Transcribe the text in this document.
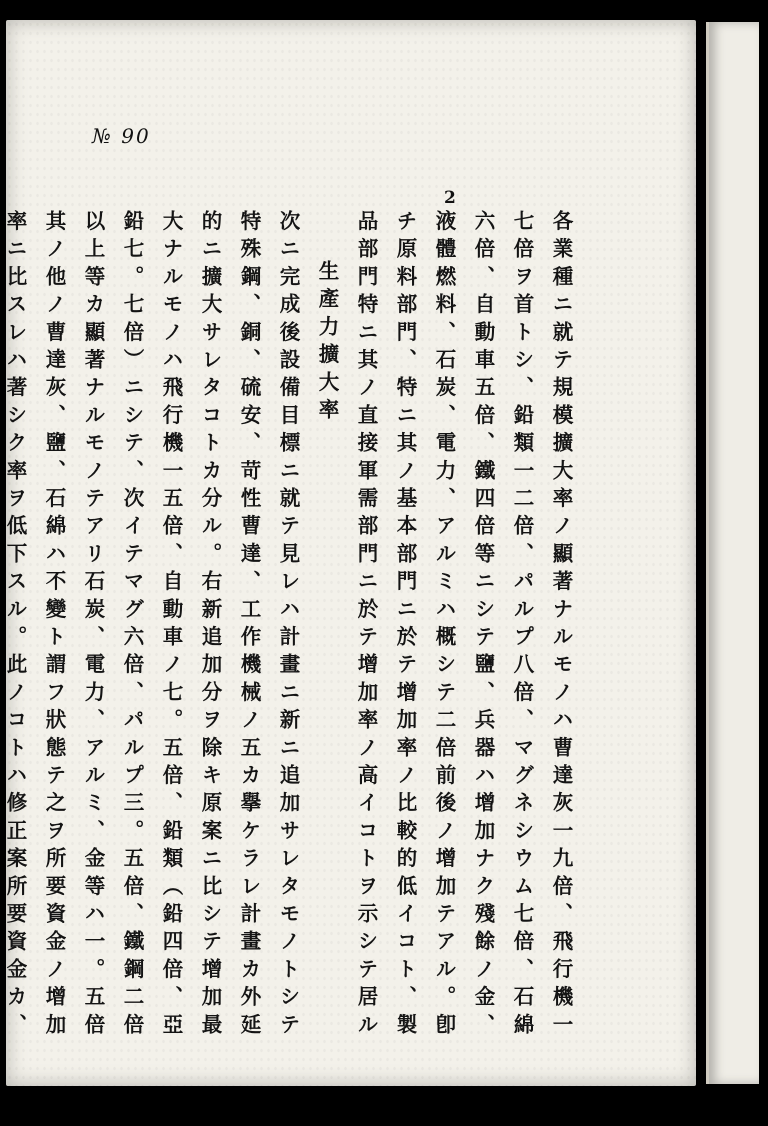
№ 90
2
各業種ニ就テ規模擴大率ノ顯著ナルモノハ曹達灰一九倍、飛行機一
七倍ヲ首トシ、鉛類一二倍、パルプ八倍、マグネシウム七倍、石綿
六倍、自動車五倍、鐵四倍等ニシテ鹽、兵器ハ增加ナク殘餘ノ金、
液體燃料、石炭、電力、アルミハ概シテ二倍前後ノ增加テアル。卽
チ原料部門、特ニ其ノ基本部門ニ於テ增加率ノ比較的低イコト、製
品部門特ニ其ノ直接軍需部門ニ於テ增加率ノ高イコトヲ示シテ居ル
生產力擴大率
次ニ完成後設備目標ニ就テ見レハ計畫ニ新ニ追加サレタモノトシテ
特殊鋼、銅、硫安、苛性曹達、工作機械ノ五カ擧ケラレ計畫カ外延
的ニ擴大サレタコトカ分ル。右新追加分ヲ除キ原案ニ比シテ增加最
大ナルモノハ飛行機一五倍、自動車ノ七。五倍、鉛類（鉛四倍、亞
鉛七。七倍）ニシテ、次イテマグ六倍、パルプ三。五倍、鐵鋼二倍
以上等カ顯著ナルモノテアリ石炭、電力、アルミ、金等ハ一。五倍
其ノ他ノ曹達灰、鹽、石綿ハ不變ト謂フ狀態テ之ヲ所要資金ノ增加
率ニ比スレハ著シク率ヲ低下スル。此ノコトハ修正案所要資金カ、
